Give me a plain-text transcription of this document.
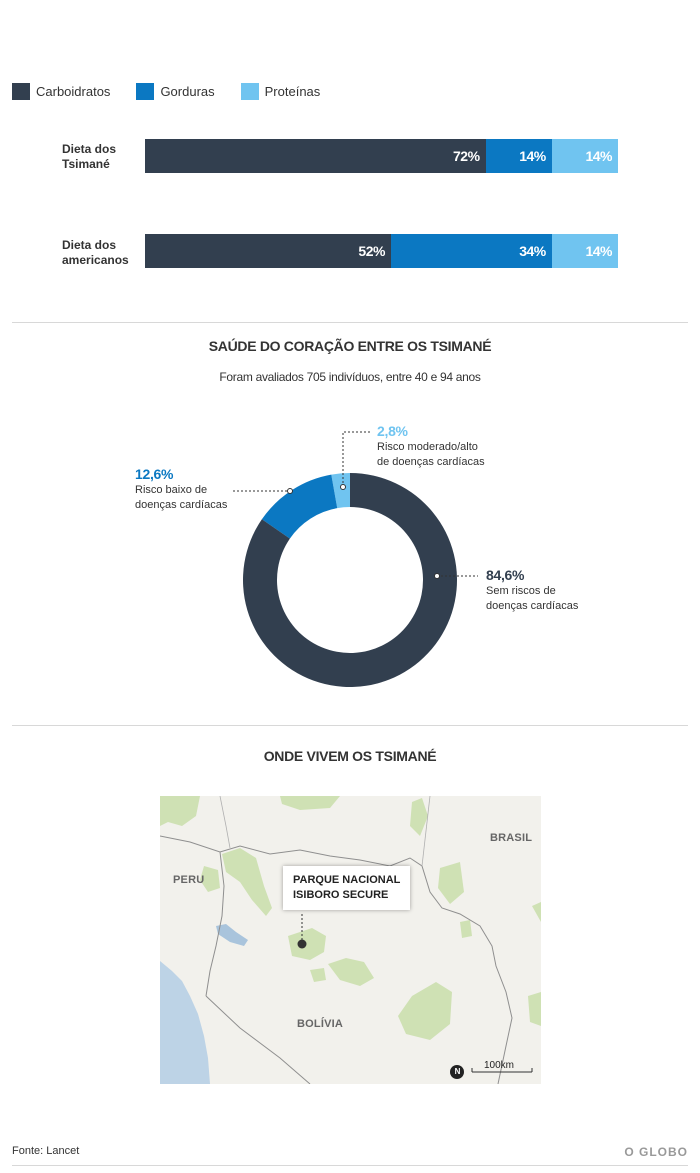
Carboidratos	Gorduras	Proteínas
Dieta dos
Tsimané
Dieta dos
americanos
72%	14%	14%
52%	34%	14%
SAÚDE DO CORAÇÃO ENTRE OS TSIMANÉ
Foram avaliados 705 indivíduos, entre 40 e 94 anos
2,8%
Risco moderado/alto
de doenças cardíacas
12,6%
Risco baixo de
doenças cardíacas
84,6%
Sem riscos de
doenças cardíacas
ONDE VIVEM OS TSIMANÉ
BRASIL
PERU
BOLÍVIA
PARQUE NACIONAL
ISIBORO SECURE
N
100km
Fonte: Lancet	O GLOBO
